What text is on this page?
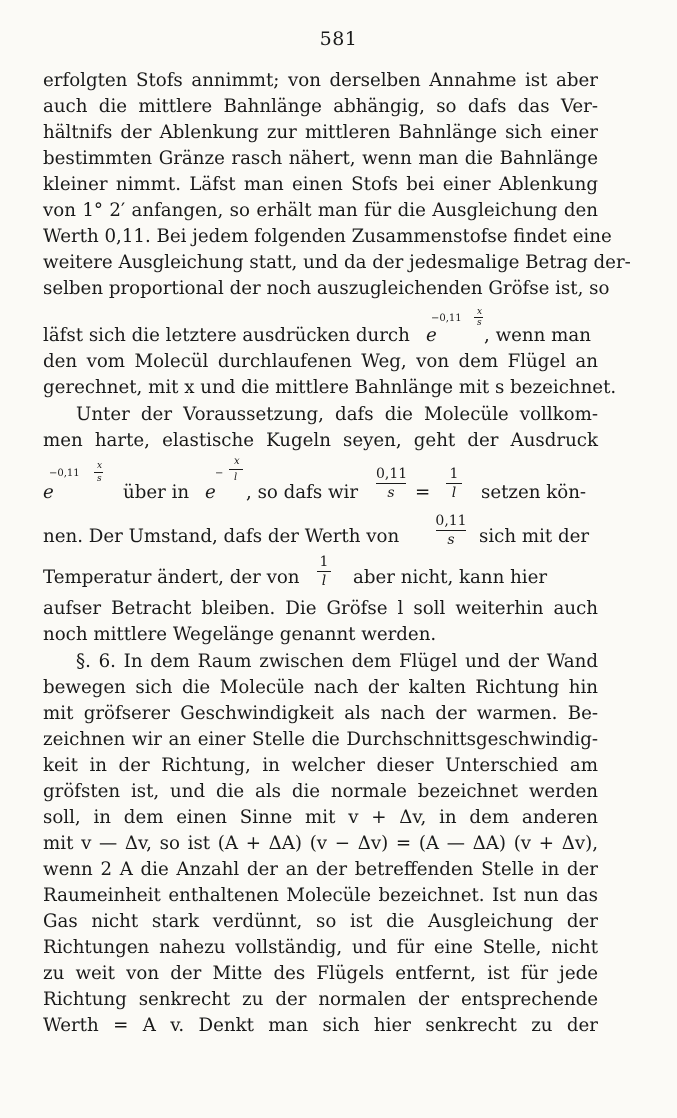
581
erfolgten Stofs annimmt; von derselben Annahme ist aber
auch die mittlere Bahnlänge abhängig, so dafs das Ver-
hältnifs der Ablenkung zur mittleren Bahnlänge sich einer
bestimmten Gränze rasch nähert, wenn man die Bahnlänge
kleiner nimmt. Läfst man einen Stofs bei einer Ablenkung
von 1° 2′ anfangen, so erhält man für die Ausgleichung den
Werth 0,11. Bei jedem folgenden Zusammenstofse findet eine
weitere Ausgleichung statt, und da der jedesmalige Betrag der-
selben proportional der noch auszugleichenden Gröfse ist, so
läfst sich die letztere ausdrücken durch e
−0,11
x
s
, wenn man
den vom Molecül durchlaufenen Weg, von dem Flügel an
gerechnet, mit x und die mittlere Bahnlänge mit s bezeichnet.
Unter der Voraussetzung, dafs die Molecüle vollkom-
men harte, elastische Kugeln seyen, geht der Ausdruck
e
−0,11
x
s
über in e
−
x
l
, so dafs wir
0,11
s	=
1
l	setzen kön-
nen. Der Umstand, dafs der Werth von
0,11
s	sich mit der
Temperatur ändert, der von
1
l	aber nicht, kann hier
aufser Betracht bleiben. Die Gröfse l soll weiterhin auch
noch mittlere Wegelänge genannt werden.
§. 6. In dem Raum zwischen dem Flügel und der Wand
bewegen sich die Molecüle nach der kalten Richtung hin
mit gröfserer Geschwindigkeit als nach der warmen. Be-
zeichnen wir an einer Stelle die Durchschnittsgeschwindig-
keit in der Richtung, in welcher dieser Unterschied am
gröfsten ist, und die als die normale bezeichnet werden
soll, in dem einen Sinne mit v + Δv, in dem anderen
mit v — Δv, so ist (A + ΔA) (v − Δv) = (A — ΔA) (v + Δv),
wenn 2 A die Anzahl der an der betreffenden Stelle in der
Raumeinheit enthaltenen Molecüle bezeichnet. Ist nun das
Gas nicht stark verdünnt, so ist die Ausgleichung der
Richtungen nahezu vollständig, und für eine Stelle, nicht
zu weit von der Mitte des Flügels entfernt, ist für jede
Richtung senkrecht zu der normalen der entsprechende
Werth = A v. Denkt man sich hier senkrecht zu der
